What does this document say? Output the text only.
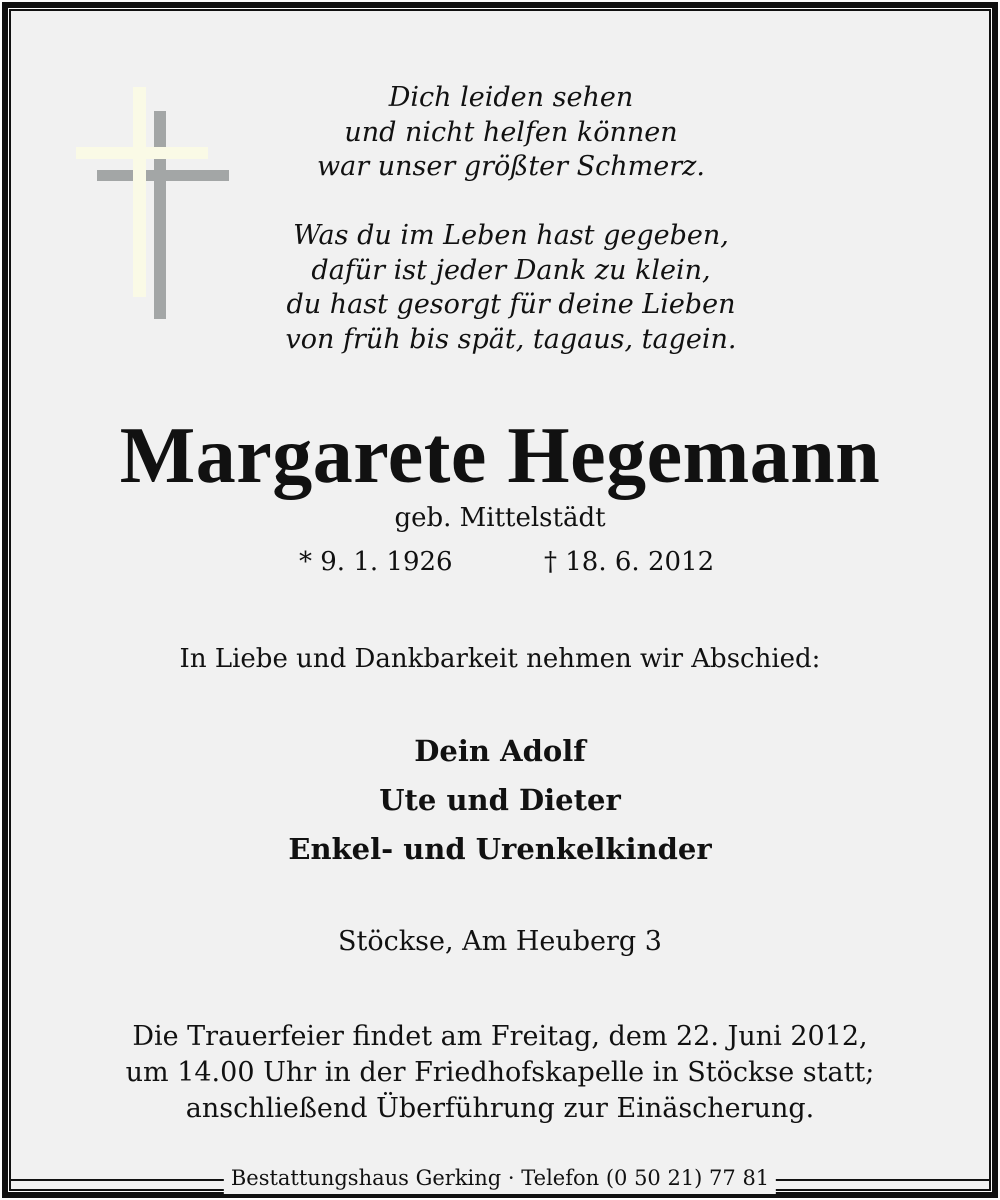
Dich leiden sehen

und nicht helfen können

war unser größter Schmerz.

Was du im Leben hast gegeben,

dafür ist jeder Dank zu klein,

du hast gesorgt für deine Lieben

von früh bis spät, tagaus, tagein.

Margarete Hegemann
geb. Mittelstädt
* 9. 1. 1926	† 18. 6. 2012
In Liebe und Dankbarkeit nehmen wir Abschied:
Dein Adolf
Ute und Dieter
Enkel- und Urenkelkinder
Stöckse, Am Heuberg 3
Die Trauerfeier findet am Freitag, dem 22. Juni 2012,
um 14.00 Uhr in der Friedhofskapelle in Stöckse statt;
anschließend Überführung zur Einäscherung.
Bestattungshaus Gerking · Telefon (0 50 21) 77 81
